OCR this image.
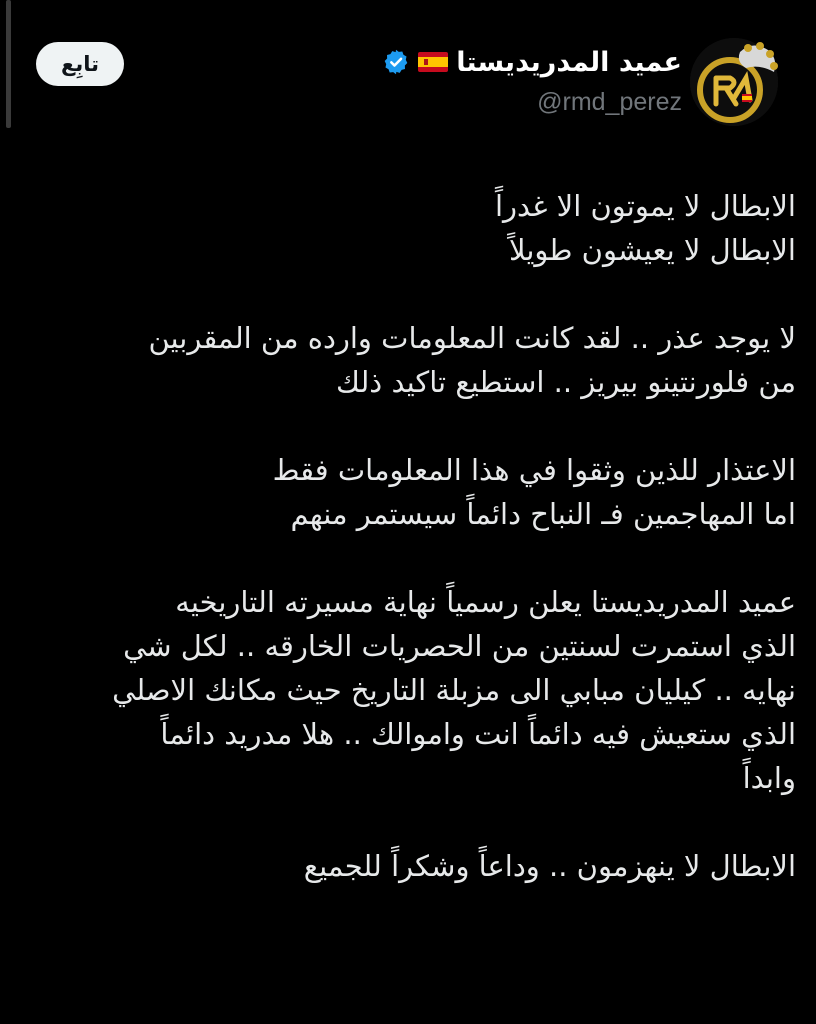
تابِع	عميد المدريديستا
@rmd_perez
الابطال لا يموتون الا غدراً
الابطال لا يعيشون طويلاً
لا يوجد عذر .. لقد كانت المعلومات وارده من المقربين
من فلورنتينو بيريز .. استطيع تاكيد ذلك
الاعتذار للذين وثقوا في هذا المعلومات فقط
اما المهاجمين فـ النباح دائماً سيستمر منهم
عميد المدريديستا يعلن رسمياً نهاية مسيرته التاريخيه
الذي استمرت لسنتين من الحصريات الخارقه .. لكل شي
نهايه .. كيليان مبابي الى مزبلة التاريخ حيث مكانك الاصلي
الذي ستعيش فيه دائماً انت واموالك .. هلا مدريد دائماً
وابداً
الابطال لا ينهزمون .. وداعاً وشكراً للجميع
